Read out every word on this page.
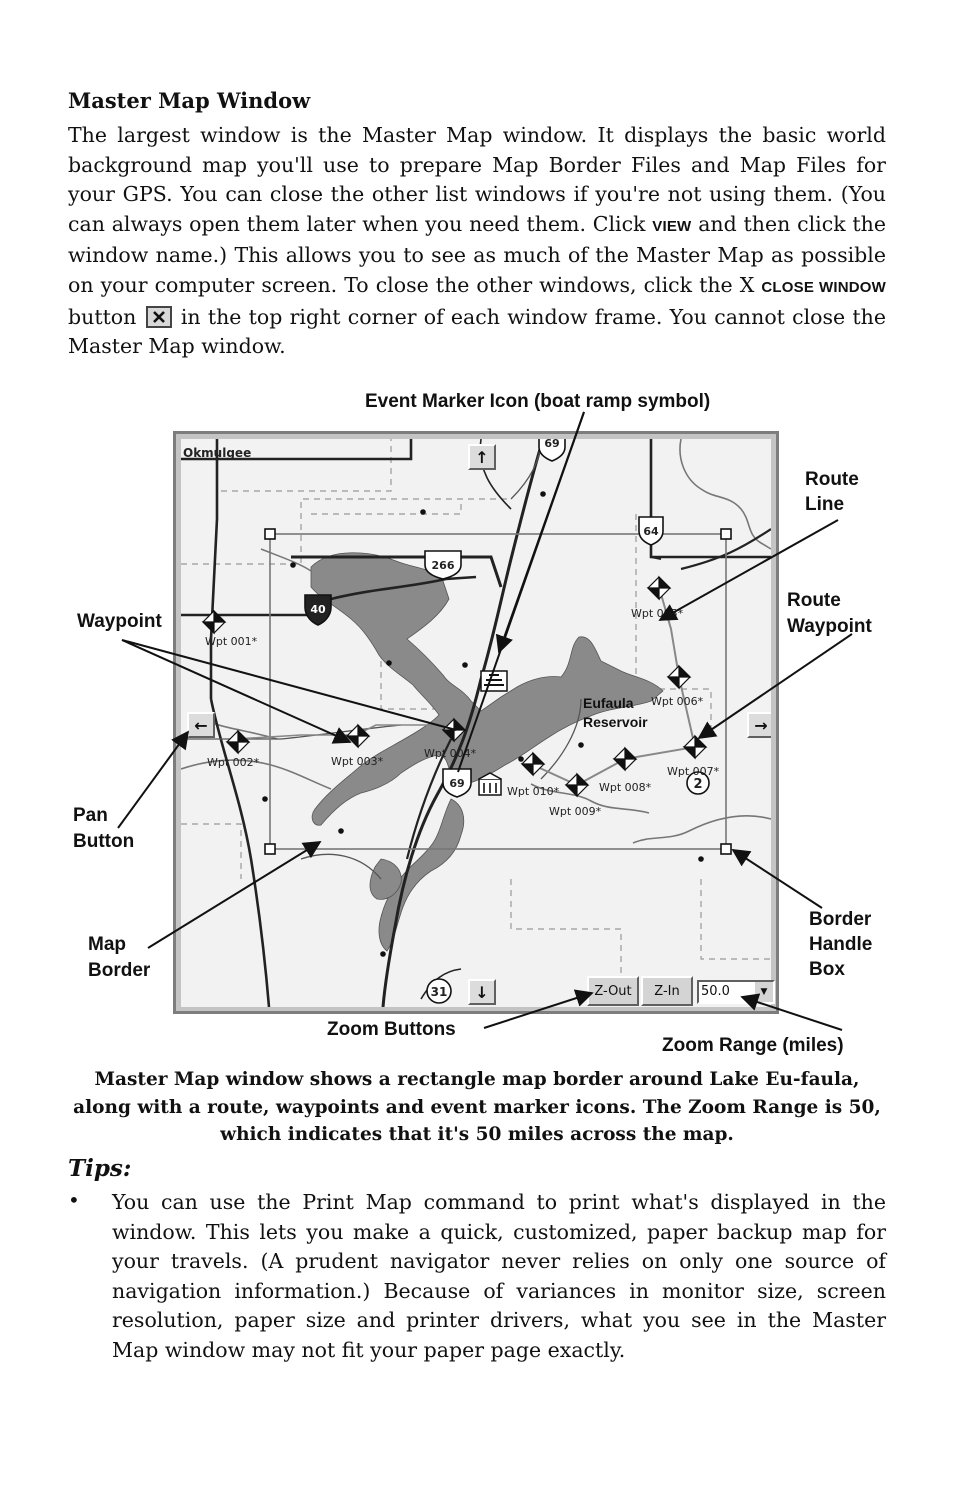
Master Map Window
The largest window is the Master Map window. It displays the basic world background map you'll use to prepare Map Border Files and Map Files for your GPS. You can close the other list windows if you're not using them. (You can always open them later when you need them. Click VIEW and then click the window name.) This allows you to see as much of the Master Map as possible on your computer screen. To close the other windows, click the X CLOSE WINDOW button
in the top right corner of each window frame. You cannot close the Master Map window.
Okmulgee
Eufaula
Reservoir
69
64
266
40
69	2
31
Wpt 001*
Wpt 002*	Wpt 003*
Wpt 004*
Wpt 005*
Wpt 006*
Wpt 007*
Wpt 008*
Wpt 009*
Wpt 010*
↑
↓
←	→
Z-Out	Z-In	50.0	▼
Event Marker Icon (boat ramp symbol)
Route
Line
Waypoint
Route
Waypoint
Pan
Button
Map
Border
Border
Handle
Box
Zoom Buttons
Zoom Range (miles)
Master Map window shows a rectangle map border around Lake Eu-faula, along with a route, waypoints and event marker icons. The Zoom Range is 50, which indicates that it's 50 miles across the map.
Tips:
• You can use the Print Map command to print what's displayed in the window. This lets you make a quick, customized, paper backup map for your travels. (A prudent navigator never relies on only one source of navigation information.) Because of variances in monitor size, screen resolution, paper size and printer drivers, what you see in the Master Map window may not fit your paper page exactly.
